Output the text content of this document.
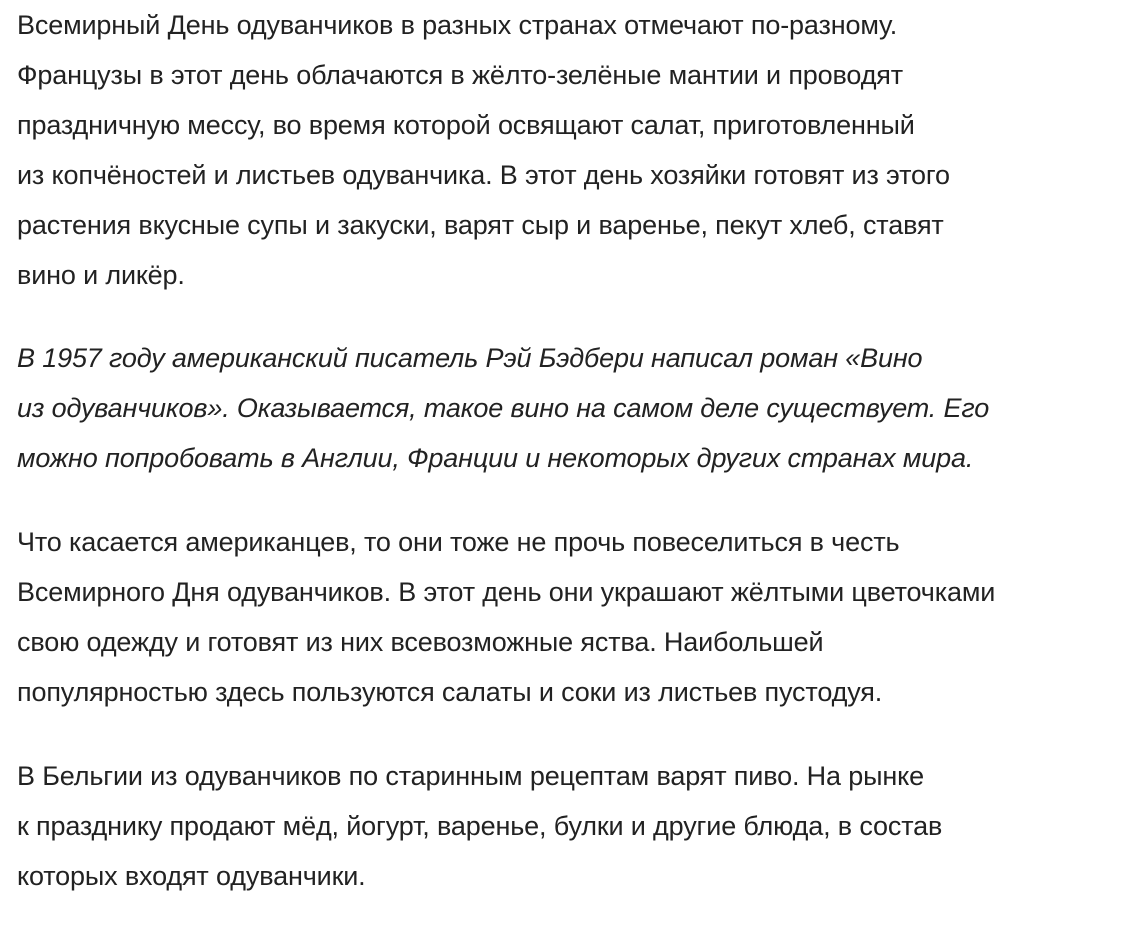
Всемирный День одуванчиков в разных странах отмечают по-разному.
Французы в этот день облачаются в жёлто-зелёные мантии и проводят
праздничную мессу, во время которой освящают салат, приготовленный
из копчёностей и листьев одуванчика. В этот день хозяйки готовят из этого
растения вкусные супы и закуски, варят сыр и варенье, пекут хлеб, ставят
вино и ликёр.

В 1957 году американский писатель Рэй Бэдбери написал роман «Вино
из одуванчиков». Оказывается, такое вино на самом деле существует. Его
можно попробовать в Англии, Франции и некоторых других странах мира.

Что касается американцев, то они тоже не прочь повеселиться в честь
Всемирного Дня одуванчиков. В этот день они украшают жёлтыми цветочками
свою одежду и готовят из них всевозможные яства. Наибольшей
популярностью здесь пользуются салаты и соки из листьев пустодуя.

В Бельгии из одуванчиков по старинным рецептам варят пиво. На рынке
к празднику продают мёд, йогурт, варенье, булки и другие блюда, в состав
которых входят одуванчики.
